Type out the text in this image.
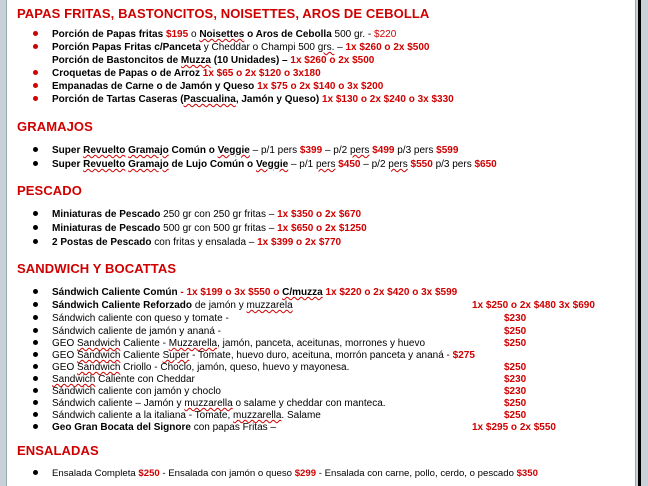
PAPAS FRITAS, BASTONCITOS, NOISETTES, AROS DE CEBOLLA
Porción de Papas fritas $195 o Noisettes o Aros de Cebolla 500 gr. - $220
Porción Papas Fritas c/Panceta y Cheddar o Champi 500 grs. – 1x $260 o 2x $500
Porción de Bastoncitos de Muzza (10 Unidades) – 1x $260 o 2x $500
Croquetas de Papas o de Arroz 1x $65 o 2x $120 o 3x180
Empanadas de Carne o de Jamón y Queso 1x $75 o 2x $140 o 3x $200
Porción de Tartas Caseras (Pascualina, Jamón y Queso) 1x $130 o 2x $240 o 3x $330
GRAMAJOS
Super Revuelto Gramajo Común o Veggie – p/1 pers $399 – p/2 pers $499 p/3 pers $599
Super Revuelto Gramajo de Lujo Común o Veggie – p/1 pers $450 – p/2 pers $550 p/3 pers $650
PESCADO
Miniaturas de Pescado 250 gr con 250 gr fritas – 1x $350 o 2x $670
Miniaturas de Pescado 500 gr con 500 gr fritas – 1x $650 o 2x $1250
2 Postas de Pescado con fritas y ensalada – 1x $399 o 2x $770
SANDWICH Y BOCATTAS
Sándwich Caliente Común - 1x $199 o 3x $550 o C/muzza 1x $220 o 2x $420 o 3x $599
Sándwich Caliente Reforzado de jamón y muzzarela	1x $250 o 2x $480 3x $690
Sándwich caliente con queso y tomate -	$230
Sándwich caliente de jamón y ananá -	$250
GEO Sandwich Caliente - Muzzarella, jamón, panceta, aceitunas, morrones y huevo	$250
GEO Sandwich Caliente Super - Tomate, huevo duro, aceituna, morrón panceta y ananá - $275
GEO Sandwich Criollo - Choclo, jamón, queso, huevo y mayonesa.	$250
Sandwich Caliente con Cheddar	$230
Sándwich caliente con jamón y choclo	$230
Sándwich caliente – Jamón y muzzarella o salame y cheddar con manteca.	$250
Sándwich caliente a la italiana - Tomate, muzzarella. Salame	$250
Geo Gran Bocata del Signore con papas Fritas –	1x $295 o 2x $550
ENSALADAS
Ensalada Completa $250 - Ensalada con jamón o queso $299 - Ensalada con carne, pollo, cerdo, o pescado $350
